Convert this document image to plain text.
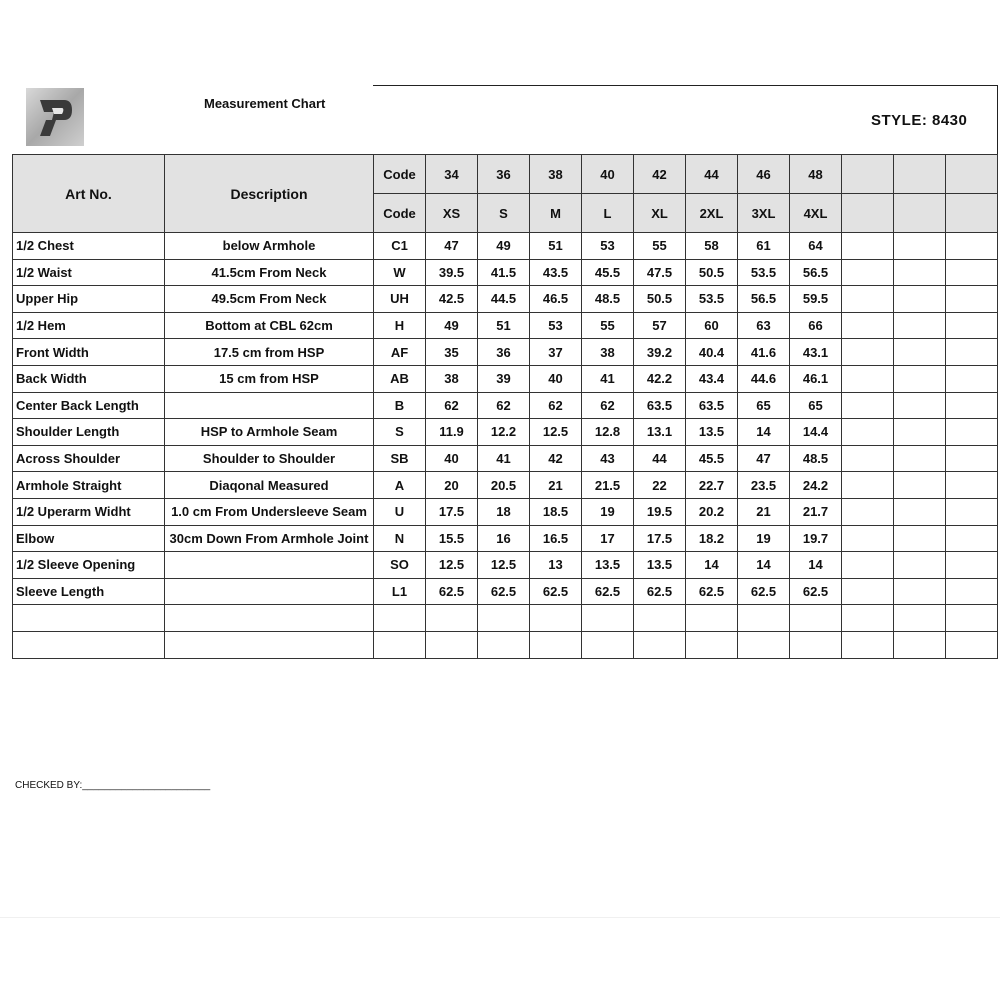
Measurement Chart
STYLE: 8430
Art No.	Description	Code	34	36	38	40	42	44	46	48			
		Code	XS	S	M	L	XL	2XL	3XL	4XL			
1/2 Chest	below Armhole	C1	47	49	51	53	55	58	61	64			
1/2 Waist	41.5cm From Neck	W	39.5	41.5	43.5	45.5	47.5	50.5	53.5	56.5			
Upper Hip	49.5cm From Neck	UH	42.5	44.5	46.5	48.5	50.5	53.5	56.5	59.5			
1/2 Hem	Bottom at CBL 62cm	H	49	51	53	55	57	60	63	66			
Front Width	17.5 cm from HSP	AF	35	36	37	38	39.2	40.4	41.6	43.1			
Back Width	15 cm from HSP	AB	38	39	40	41	42.2	43.4	44.6	46.1			
Center Back Length		B	62	62	62	62	63.5	63.5	65	65			
Shoulder Length	HSP to Armhole Seam	S	11.9	12.2	12.5	12.8	13.1	13.5	14	14.4			
Across Shoulder	Shoulder to Shoulder	SB	40	41	42	43	44	45.5	47	48.5			
Armhole Straight	Diaqonal Measured	A	20	20.5	21	21.5	22	22.7	23.5	24.2			
1/2 Uperarm Widht	1.0 cm From Undersleeve Seam	U	17.5	18	18.5	19	19.5	20.2	21	21.7			
Elbow	30cm Down From Armhole Joint	N	15.5	16	16.5	17	17.5	18.2	19	19.7			
1/2 Sleeve Opening		SO	12.5	12.5	13	13.5	13.5	14	14	14			
Sleeve Length		L1	62.5	62.5	62.5	62.5	62.5	62.5	62.5	62.5			

CHECKED BY:_______________________
